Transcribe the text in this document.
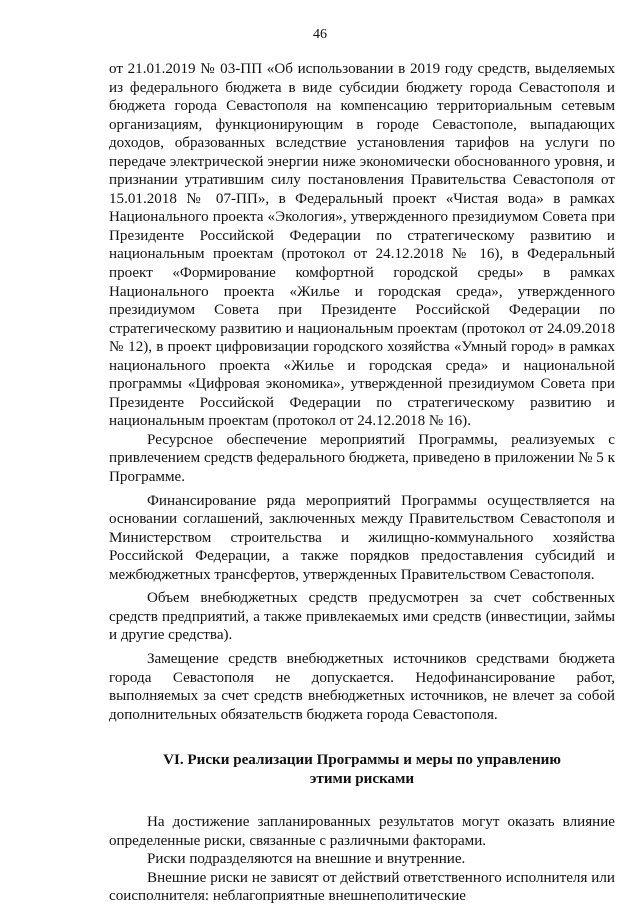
46

от 21.01.2019 № 03-ПП «Об использовании в 2019 году средств, выделяемых из федерального бюджета в виде субсидии бюджету города Севастополя и бюджета города Севастополя на компенсацию территориальным сетевым организациям, функционирующим в городе Севастополе, выпадающих доходов, образованных вследствие установления тарифов на услуги по передаче электрической энергии ниже экономически обоснованного уровня, и признании утратившим силу постановления Правительства Севастополя от 15.01.2018 № 07-ПП», в Федеральный проект «Чистая вода» в рамках Национального проекта «Экология», утвержденного президиумом Совета при Президенте Российской Федерации по стратегическому развитию и национальным проектам (протокол от 24.12.2018 № 16), в Федеральный проект «Формирование комфортной городской среды» в рамках Национального проекта «Жилье и городская среда», утвержденного президиумом Совета при Президенте Российской Федерации по стратегическому развитию и национальным проектам (протокол от 24.09.2018 № 12), в проект цифровизации городского хозяйства «Умный город» в рамках национального проекта «Жилье и городская среда» и национальной программы «Цифровая экономика», утвержденной президиумом Совета при Президенте Российской Федерации по стратегическому развитию и национальным проектам (протокол от 24.12.2018 № 16).

Ресурсное обеспечение мероприятий Программы, реализуемых с привлечением средств федерального бюджета, приведено в приложении № 5 к Программе.

Финансирование ряда мероприятий Программы осуществляется на основании соглашений, заключенных между Правительством Севастополя и Министерством строительства и жилищно-коммунального хозяйства Российской Федерации, а также порядков предоставления субсидий и межбюджетных трансфертов, утвержденных Правительством Севастополя.

Объем внебюджетных средств предусмотрен за счет собственных средств предприятий, а также привлекаемых ими средств (инвестиции, займы и другие средства).

Замещение средств внебюджетных источников средствами бюджета города Севастополя не допускается. Недофинансирование работ, выполняемых за счет средств внебюджетных источников, не влечет за собой дополнительных обязательств бюджета города Севастополя.

VI. Риски реализации Программы и меры по управлению
этими рисками

На достижение запланированных результатов могут оказать влияние определенные риски, связанные с различными факторами.

Риски подразделяются на внешние и внутренние.

Внешние риски не зависят от действий ответственного исполнителя или соисполнителя: неблагоприятные внешнеполитические
